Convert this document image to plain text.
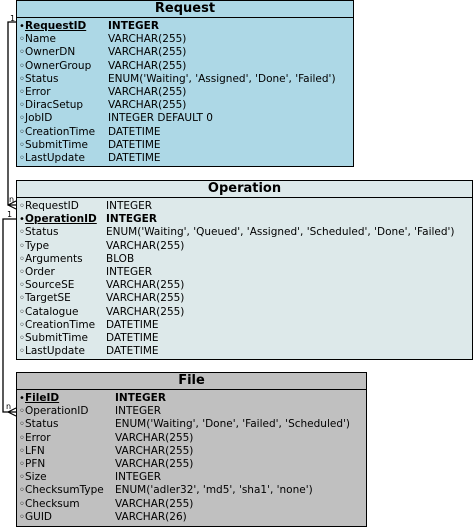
1
n
1
n
Request
• RequestID INTEGER
◦ Name	VARCHAR(255)
◦ OwnerDN	VARCHAR(255)
◦ OwnerGroup VARCHAR(255)
◦ Status	ENUM('Waiting', 'Assigned', 'Done', 'Failed')
◦ Error	VARCHAR(255)
◦ DiracSetup VARCHAR(255)
◦ JobID	INTEGER DEFAULT 0
◦ CreationTime DATETIME
◦ SubmitTime DATETIME
◦ LastUpdate DATETIME
Operation
◦ RequestID	INTEGER
• OperationID INTEGER
◦ Status	ENUM('Waiting', 'Queued', 'Assigned', 'Scheduled', 'Done', 'Failed')
◦ Type	VARCHAR(255)
◦ Arguments BLOB
◦ Order	INTEGER
◦ SourceSE	VARCHAR(255)
◦ TargetSE	VARCHAR(255)
◦ Catalogue	VARCHAR(255)
◦ CreationTime DATETIME
◦ SubmitTime DATETIME
◦ LastUpdate DATETIME
File
• FileID	INTEGER
◦ OperationID	INTEGER
◦ Status	ENUM('Waiting', 'Done', 'Failed', 'Scheduled')
◦ Error	VARCHAR(255)
◦ LFN	VARCHAR(255)
◦ PFN	VARCHAR(255)
◦ Size	INTEGER
◦ ChecksumType ENUM('adler32', 'md5', 'sha1', 'none')
◦ Checksum	VARCHAR(255)
◦ GUID	VARCHAR(26)
